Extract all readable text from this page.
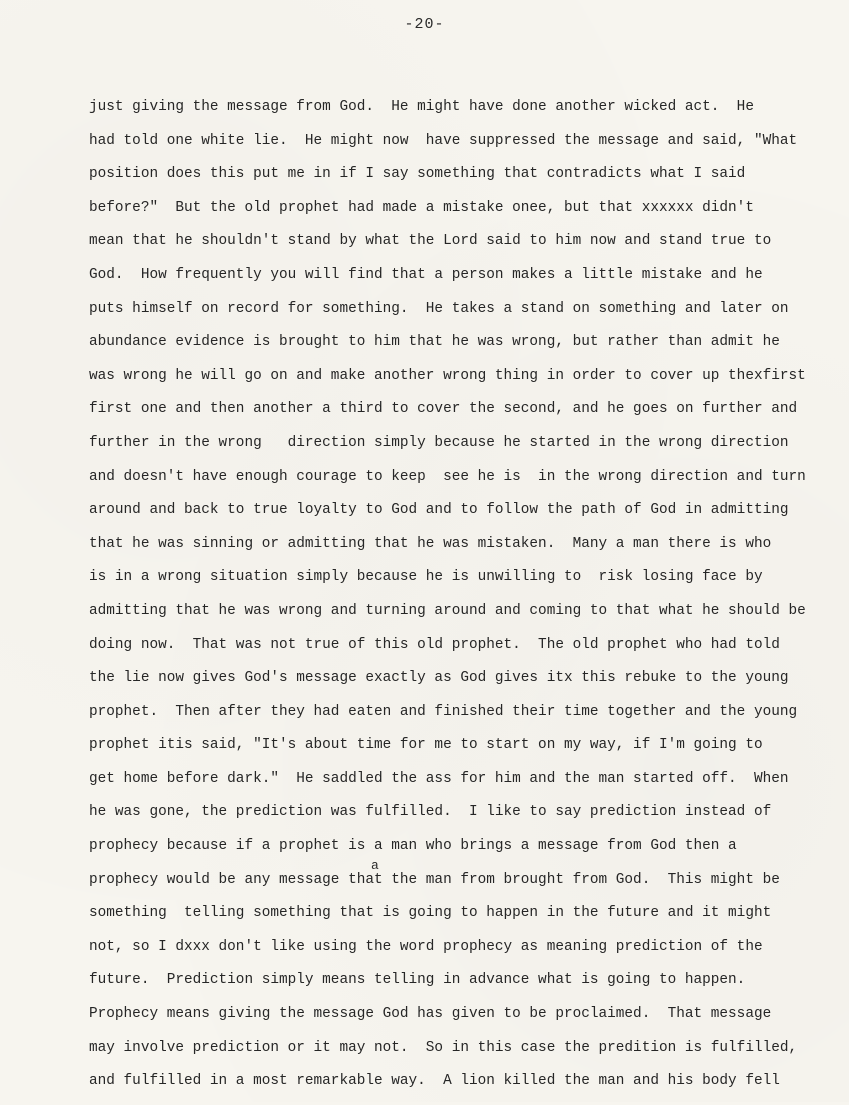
-20-
just giving the message from God.  He might have done another wicked act.  He
had told one white lie.  He might now  have suppressed the message and said, "What
position does this put me in if I say something that contradicts what I said
before?"  But the old prophet had made a mistake onee, but that xxxxxx didn't
mean that he shouldn't stand by what the Lord said to him now and stand true to
God.  How frequently you will find that a person makes a little mistake and he
puts himself on record for something.  He takes a stand on something and later on
abundance evidence is brought to him that he was wrong, but rather than admit he
was wrong he will go on and make another wrong thing in order to cover up thexfirst
first one and then another a third to cover the second, and he goes on further and
further in the wrong   direction simply because he started in the wrong direction
and doesn't have enough courage to keep  see he is  in the wrong direction and turn
around and back to true loyalty to God and to follow the path of God in admitting
that he was sinning or admitting that he was mistaken.  Many a man there is who
is in a wrong situation simply because he is unwilling to  risk losing face by
admitting that he was wrong and turning around and coming to that what he should be
doing now.  That was not true of this old prophet.  The old prophet who had told
the lie now gives God's message exactly as God gives itx this rebuke to the young
prophet.  Then after they had eaten and finished their time together and the young
prophet itis said, "It's about time for me to start on my way, if I'm going to
get home before dark."  He saddled the ass for him and the man started off.  When
he was gone, the prediction was fulfilled.  I like to say prediction instead of
prophecy because if a prophet is a man who brings a message from God then a
prophecy would be any message that the man from brought from God.  This might be
something  telling something that is going to happen in the future and it might
not, so I dxxx don't like using the word prophecy as meaning prediction of the
future.  Prediction simply means telling in advance what is going to happen.
Prophecy means giving the message God has given to be proclaimed.  That message
may involve prediction or it may not.  So in this case the predition is fulfilled,
and fulfilled in a most remarkable way.  A lion killed the man and his body fell
a
